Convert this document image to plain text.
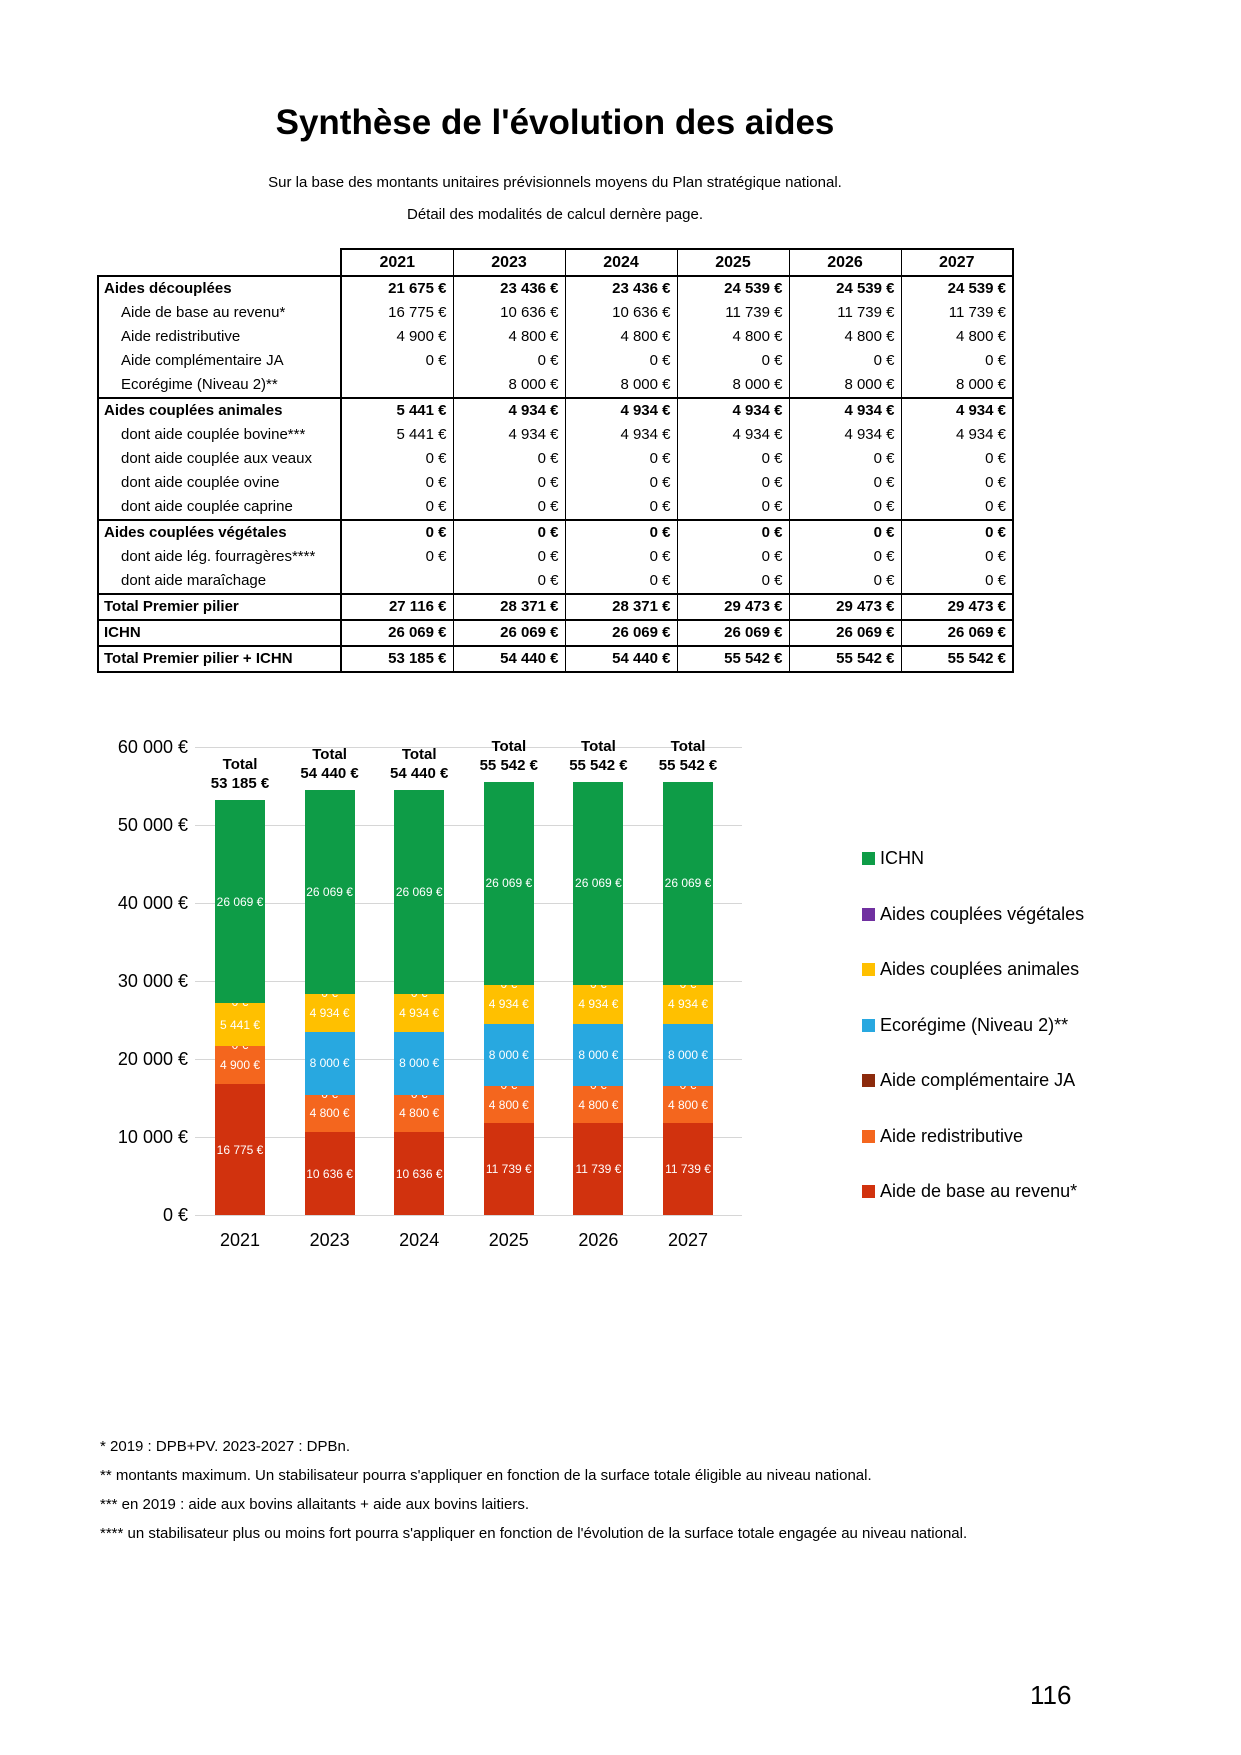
Synthèse de l'évolution des aides
Sur la base des montants unitaires prévisionnels moyens du Plan stratégique national.
Détail des modalités de calcul dernère page.
	2021	2023	2024	2025	2026	2027
Aides découplées	21 675 €	23 436 €	23 436 €	24 539 €	24 539 €	24 539 €
Aide de base au revenu*	16 775 €	10 636 €	10 636 €	11 739 €	11 739 €	11 739 €
Aide redistributive	4 900 €	4 800 €	4 800 €	4 800 €	4 800 €	4 800 €
Aide complémentaire JA	0 €	0 €	0 €	0 €	0 €	0 €
Ecorégime (Niveau 2)**		8 000 €	8 000 €	8 000 €	8 000 €	8 000 €
Aides couplées animales	5 441 €	4 934 €	4 934 €	4 934 €	4 934 €	4 934 €
dont aide couplée bovine***	5 441 €	4 934 €	4 934 €	4 934 €	4 934 €	4 934 €
dont aide couplée aux veaux	0 €	0 €	0 €	0 €	0 €	0 €
dont aide couplée ovine	0 €	0 €	0 €	0 €	0 €	0 €
dont aide couplée caprine	0 €	0 €	0 €	0 €	0 €	0 €
Aides couplées végétales	0 €	0 €	0 €	0 €	0 €	0 €
dont aide lég. fourragères****	0 €	0 €	0 €	0 €	0 €	0 €
dont aide maraîchage		0 €	0 €	0 €	0 €	0 €
Total Premier pilier	27 116 €	28 371 €	28 371 €	29 473 €	29 473 €	29 473 €
ICHN	26 069 €	26 069 €	26 069 €	26 069 €	26 069 €	26 069 €
Total Premier pilier + ICHN	53 185 €	54 440 €	54 440 €	55 542 €	55 542 €	55 542 €
0 €
10 000 €
20 000 €
30 000 €
40 000 €
50 000 €
60 000 €
16 775 €
4 900 €
5 441 €
26 069 €
Total
53 185 €
2021
10 636 €
4 800 €
8 000 €
4 934 €
26 069 €
Total
54 440 €
2023
10 636 €
4 800 €
8 000 €
4 934 €
26 069 €
Total
54 440 €
2024
11 739 €
4 800 €
8 000 €
4 934 €
26 069 €
Total
55 542 €
2025
11 739 €
4 800 €
8 000 €
4 934 €
26 069 €
Total
55 542 €
2026
11 739 €
4 800 €
8 000 €
4 934 €
26 069 €
Total
55 542 €
2027
ICHN
Aides couplées végétales
Aides couplées animales
Ecorégime (Niveau 2)**
Aide complémentaire JA
Aide redistributive
Aide de base au revenu*
* 2019 : DPB+PV. 2023-2027 : DPBn.
** montants maximum. Un stabilisateur pourra s'appliquer en fonction de la surface totale éligible au niveau national.
*** en 2019 : aide aux bovins allaitants + aide aux bovins laitiers.
**** un stabilisateur plus ou moins fort pourra s'appliquer en fonction de l'évolution de la surface totale engagée au niveau national.
116
